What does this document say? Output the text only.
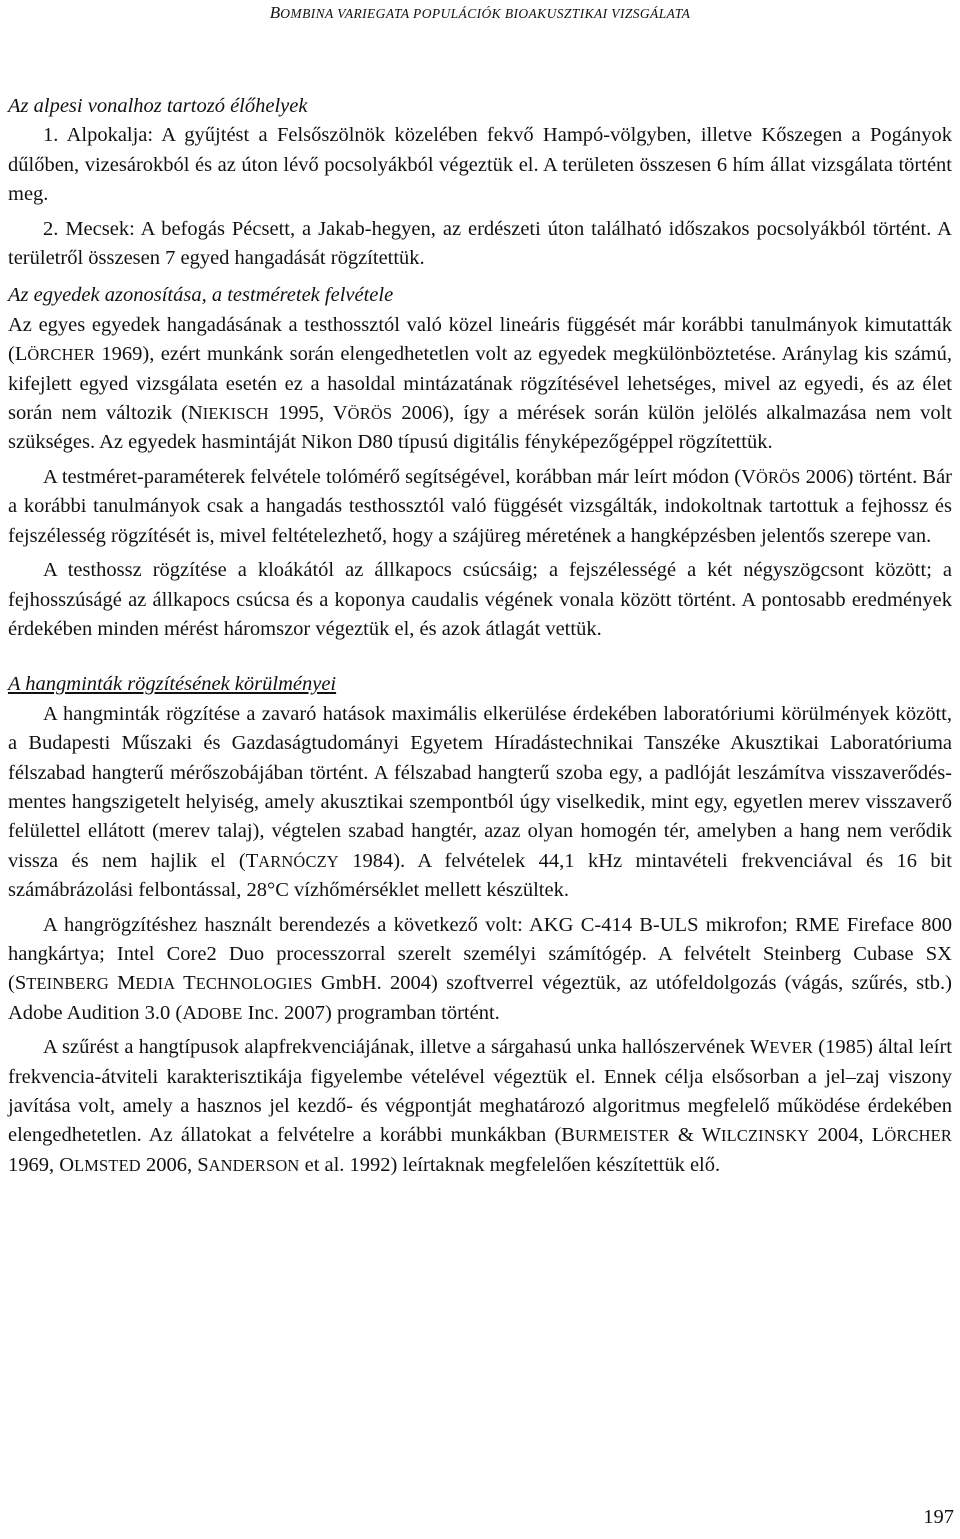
BOMBINA VARIEGATA POPULÁCIÓK BIOAKUSZTIKAI VIZSGÁLATA

Az alpesi vonalhoz tartozó élőhelyek

1. Alpokalja: A gyűjtést a Felsőszölnök közelében fekvő Hampó-völgyben, illetve Kőszegen a Pogányok dűlőben, vizesárokból és az úton lévő pocsolyákból végeztük el. A területen összesen 6 hím állat vizsgálata történt meg.

2. Mecsek: A befogás Pécsett, a Jakab-hegyen, az erdészeti úton található időszakos pocsolyákból történt. A területről összesen 7 egyed hangadását rögzítettük.

Az egyedek azonosítása, a testméretek felvétele

Az egyes egyedek hangadásának a testhossztól való közel lineáris függését már korábbi tanulmányok kimutatták (LÖRCHER 1969), ezért munkánk során elengedhetetlen volt az egyedek megkülönböztetése. Aránylag kis számú, kifejlett egyed vizsgálata esetén ez a hasoldal mintázatának rögzítésével lehetséges, mivel az egyedi, és az élet során nem változik (NIEKISCH 1995, VÖRÖS 2006), így a mérések során külön jelölés alkalmazása nem volt szükséges. Az egyedek hasmintáját Nikon D80 típusú digitális fényképezőgéppel rögzítettük.

A testméret-paraméterek felvétele tolómérő segítségével, korábban már leírt módon (VÖRÖS 2006) történt. Bár a korábbi tanulmányok csak a hangadás testhossztól való függését vizsgálták, indokoltnak tartottuk a fejhossz és fejszélesség rögzítését is, mivel feltételezhető, hogy a szájüreg méretének a hangképzésben jelentős szerepe van.

A testhossz rögzítése a kloákától az állkapocs csúcsáig; a fejszélességé a két négyszögcsont között; a fejhosszúságé az állkapocs csúcsa és a koponya caudalis végének vonala között történt. A pontosabb eredmények érdekében minden mérést háromszor végeztük el, és azok átlagát vettük.

A hangminták rögzítésének körülményei

A hangminták rögzítése a zavaró hatások maximális elkerülése érdekében laboratóriumi körülmények között, a Budapesti Műszaki és Gazdaságtudományi Egyetem Híradástechnikai Tanszéke Akusztikai Laboratóriuma félszabad hangterű mérőszobájában történt. A félszabad hangterű szoba egy, a padlóját leszámítva visszaverődés-mentes hangszigetelt helyiség, amely akusztikai szempontból úgy viselkedik, mint egy, egyetlen merev visszaverő felülettel ellátott (merev talaj), végtelen szabad hangtér, azaz olyan homogén tér, amelyben a hang nem verődik vissza és nem hajlik el (TARNÓCZY 1984). A felvételek 44,1 kHz mintavételi frekvenciával és 16 bit számábrázolási felbontással, 28°C vízhőmérséklet mellett készültek.

A hangrögzítéshez használt berendezés a következő volt: AKG C-414 B-ULS mikrofon; RME Fireface 800 hangkártya; Intel Core2 Duo processzorral szerelt személyi számítógép. A felvételt Steinberg Cubase SX (STEINBERG MEDIA TECHNOLOGIES GmbH. 2004) szoftverrel végeztük, az utófeldolgozás (vágás, szűrés, stb.) Adobe Audition 3.0 (ADOBE Inc. 2007) programban történt.

A szűrést a hangtípusok alapfrekvenciájának, illetve a sárgahasú unka hallószervének WEVER (1985) által leírt frekvencia-átviteli karakterisztikája figyelembe vételével végeztük el. Ennek célja elsősorban a jel–zaj viszony javítása volt, amely a hasznos jel kezdő- és végpontját meghatározó algoritmus megfelelő működése érdekében elengedhetetlen. Az állatokat a felvételre a korábbi munkákban (BURMEISTER & WILCZINSKY 2004, LÖRCHER 1969, OLMSTED 2006, SANDERSON et al. 1992) leírtaknak megfelelően készítettük elő.

197
